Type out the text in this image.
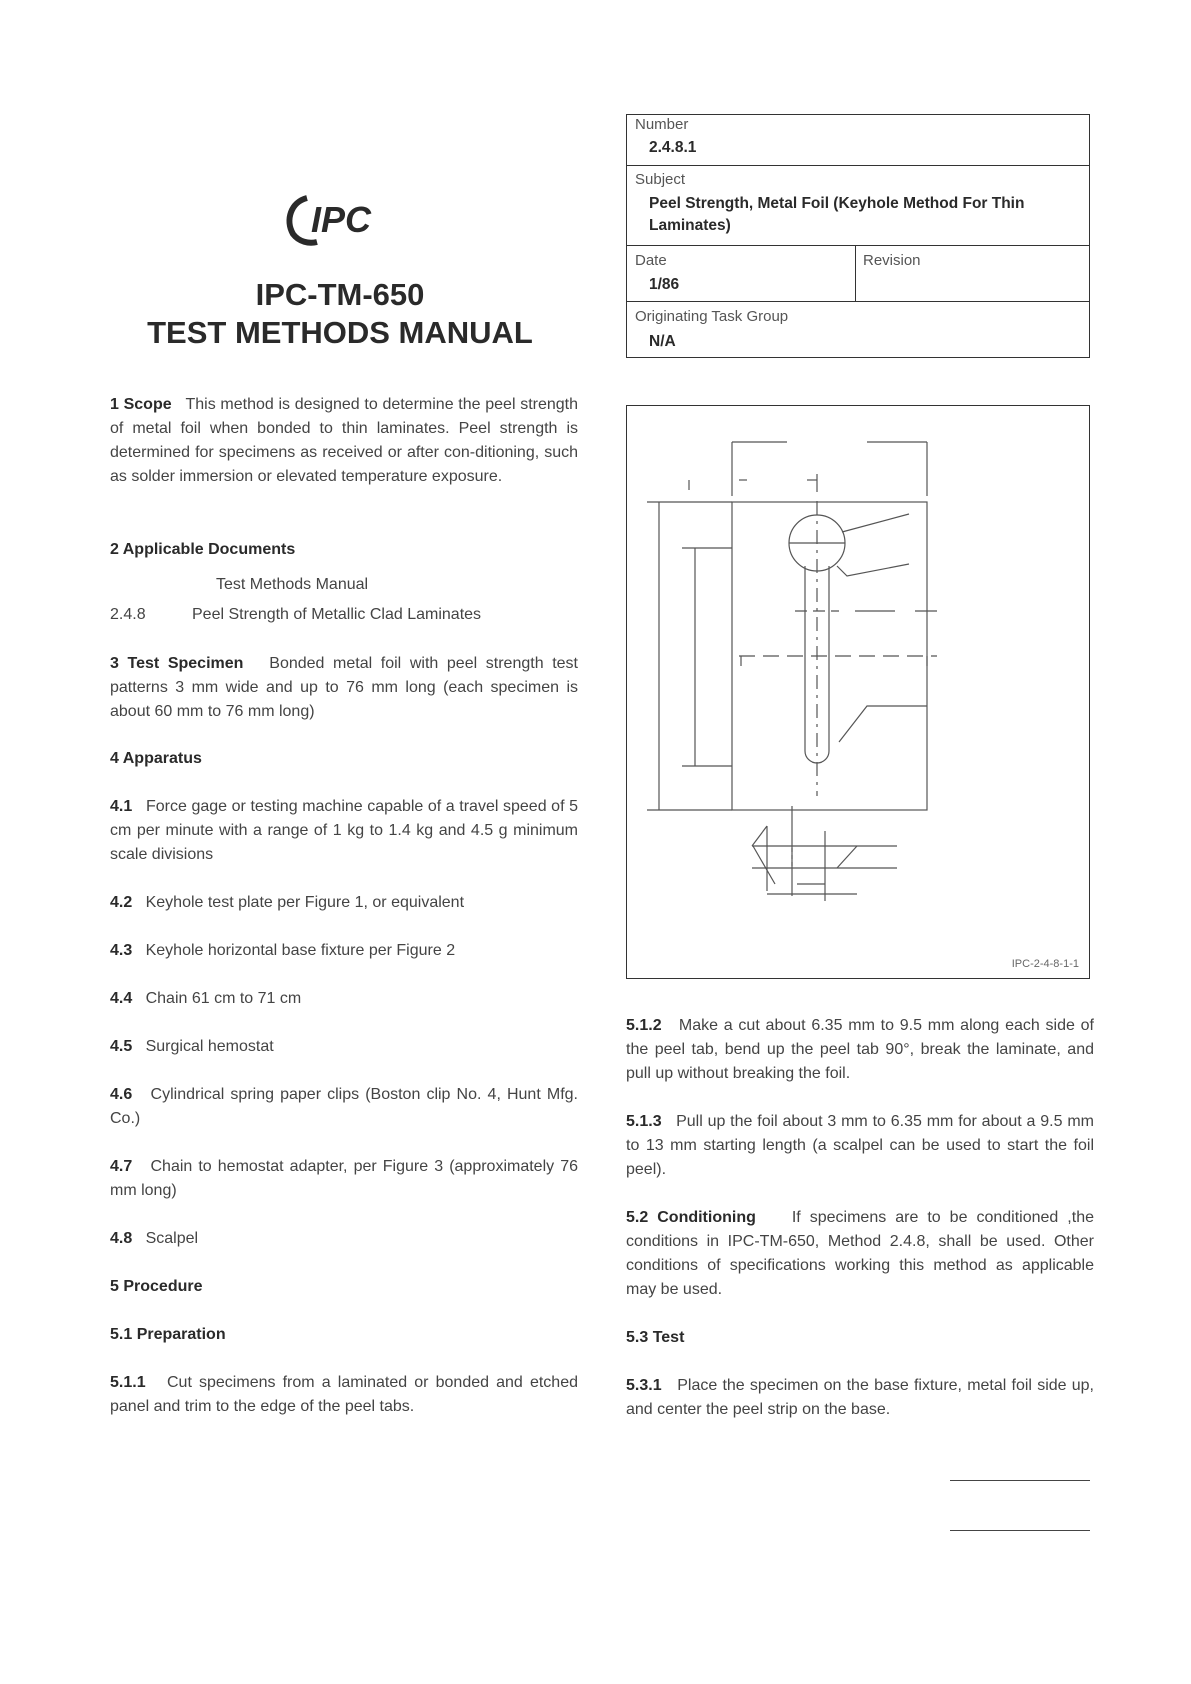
IPC
IPC-TM-650
TEST METHODS MANUAL
Number
2.4.8.1
Subject
Peel Strength, Metal Foil (Keyhole Method For Thin Laminates)
Date
1/86
Revision
Originating Task Group
N/A
1 Scope This method is designed to determine the peel strength of metal foil when bonded to thin laminates. Peel strength is determined for specimens as received or after con-ditioning, such as solder immersion or elevated temperature exposure.
2 Applicable Documents
Test Methods Manual
2.4.8	Peel Strength of Metallic Clad Laminates
3 Test Specimen Bonded metal foil with peel strength test patterns 3 mm wide and up to 76 mm long (each specimen is about 60 mm to 76 mm long)
4 Apparatus
4.1 Force gage or testing machine capable of a travel speed of 5 cm per minute with a range of 1 kg to 1.4 kg and 4.5 g minimum scale divisions
4.2 Keyhole test plate per Figure 1, or equivalent
4.3 Keyhole horizontal base fixture per Figure 2
4.4 Chain 61 cm to 71 cm
4.5 Surgical hemostat
4.6 Cylindrical spring paper clips (Boston clip No. 4, Hunt Mfg. Co.)
4.7 Chain to hemostat adapter, per Figure 3 (approximately 76 mm long)
4.8 Scalpel
5 Procedure
5.1 Preparation
5.1.1 Cut specimens from a laminated or bonded and etched panel and trim to the edge of the peel tabs.
IPC-2-4-8-1-1
5.1.2 Make a cut about 6.35 mm to 9.5 mm along each side of the peel tab, bend up the peel tab 90°, break the laminate, and pull up without breaking the foil.
5.1.3 Pull up the foil about 3 mm to 6.35 mm for about a 9.5 mm to 13 mm starting length (a scalpel can be used to start the foil peel).
5.2 Conditioning If specimens are to be conditioned ,the conditions in IPC-TM-650, Method 2.4.8, shall be used. Other conditions of specifications working this method as applicable may be used.
5.3 Test
5.3.1 Place the specimen on the base fixture, metal foil side up, and center the peel strip on the base.
